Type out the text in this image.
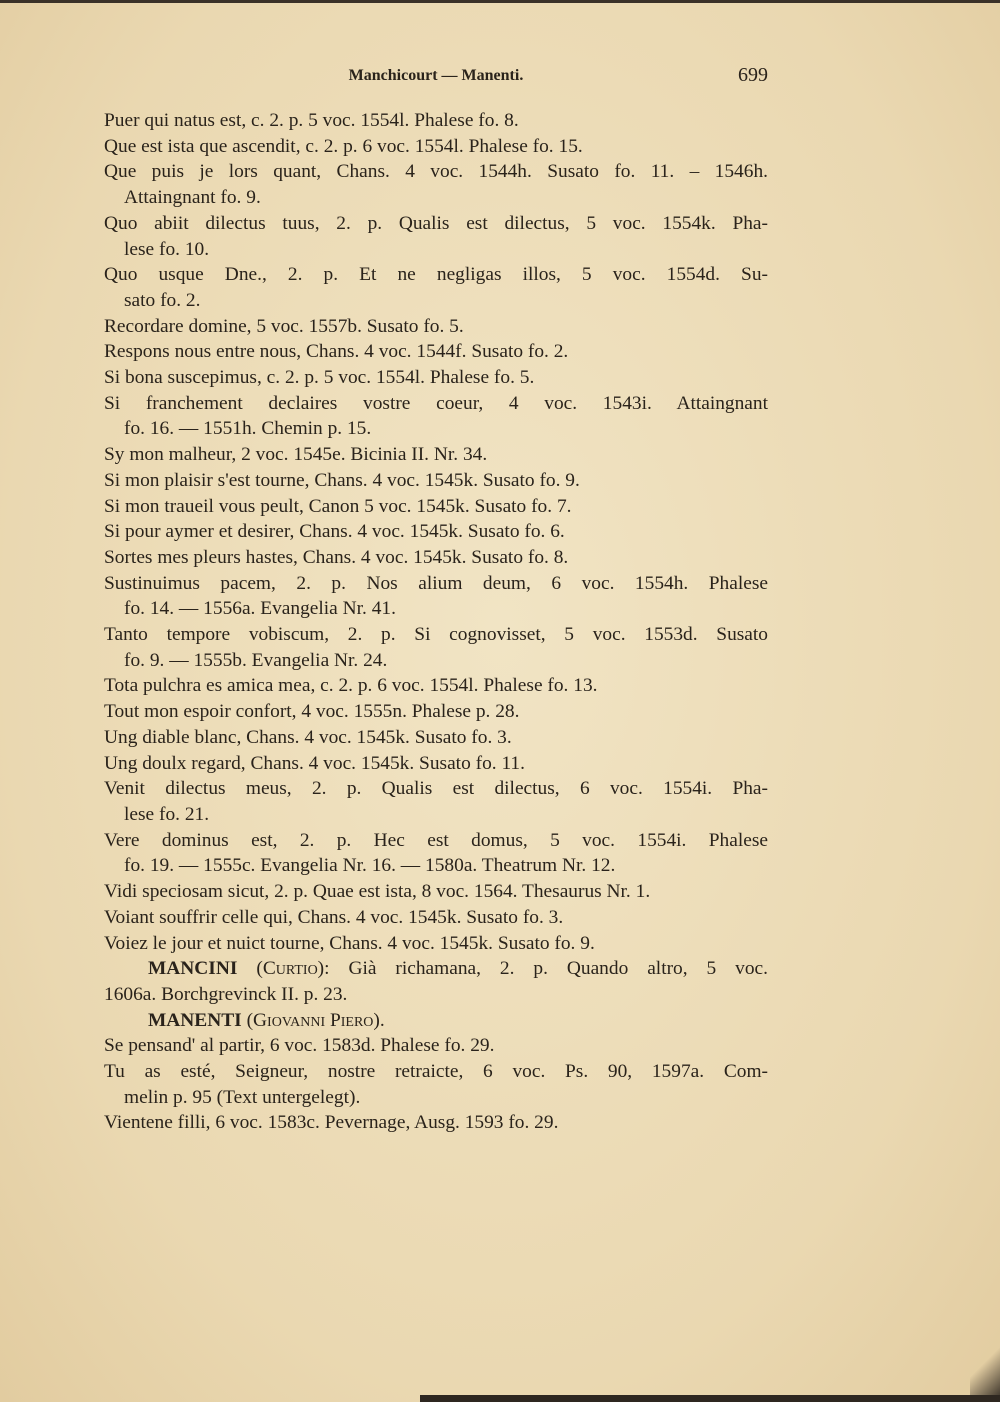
Manchicourt — Manenti.	699
Puer qui natus est, c. 2. p. 5 voc. 1554l. Phalese fo. 8.
Que est ista que ascendit, c. 2. p. 6 voc. 1554l. Phalese fo. 15.
Que puis je lors quant, Chans. 4 voc. 1544h. Susato fo. 11. – 1546h.
Attaingnant fo. 9.
Quo abiit dilectus tuus, 2. p. Qualis est dilectus, 5 voc. 1554k. Pha-
lese fo. 10.
Quo usque Dne., 2. p. Et ne negligas illos, 5 voc. 1554d. Su-
sato fo. 2.
Recordare domine, 5 voc. 1557b. Susato fo. 5.
Respons nous entre nous, Chans. 4 voc. 1544f. Susato fo. 2.
Si bona suscepimus, c. 2. p. 5 voc. 1554l. Phalese fo. 5.
Si franchement declaires vostre coeur, 4 voc. 1543i. Attaingnant
fo. 16. — 1551h. Chemin p. 15.
Sy mon malheur, 2 voc. 1545e. Bicinia II. Nr. 34.
Si mon plaisir s'est tourne, Chans. 4 voc. 1545k. Susato fo. 9.
Si mon traueil vous peult, Canon 5 voc. 1545k. Susato fo. 7.
Si pour aymer et desirer, Chans. 4 voc. 1545k. Susato fo. 6.
Sortes mes pleurs hastes, Chans. 4 voc. 1545k. Susato fo. 8.
Sustinuimus pacem, 2. p. Nos alium deum, 6 voc. 1554h. Phalese
fo. 14. — 1556a. Evangelia Nr. 41.
Tanto tempore vobiscum, 2. p. Si cognovisset, 5 voc. 1553d. Susato
fo. 9. — 1555b. Evangelia Nr. 24.
Tota pulchra es amica mea, c. 2. p. 6 voc. 1554l. Phalese fo. 13.
Tout mon espoir confort, 4 voc. 1555n. Phalese p. 28.
Ung diable blanc, Chans. 4 voc. 1545k. Susato fo. 3.
Ung doulx regard, Chans. 4 voc. 1545k. Susato fo. 11.
Venit dilectus meus, 2. p. Qualis est dilectus, 6 voc. 1554i. Pha-
lese fo. 21.
Vere dominus est, 2. p. Hec est domus, 5 voc. 1554i. Phalese
fo. 19. — 1555c. Evangelia Nr. 16. — 1580a. Theatrum Nr. 12.
Vidi speciosam sicut, 2. p. Quae est ista, 8 voc. 1564. Thesaurus Nr. 1.
Voiant souffrir celle qui, Chans. 4 voc. 1545k. Susato fo. 3.
Voiez le jour et nuict tourne, Chans. 4 voc. 1545k. Susato fo. 9.
MANCINI (Curtio): Già richamana, 2. p. Quando altro, 5 voc.
1606a. Borchgrevinck II. p. 23.
MANENTI (Giovanni Piero).
Se pensand' al partir, 6 voc. 1583d. Phalese fo. 29.
Tu as esté, Seigneur, nostre retraicte, 6 voc. Ps. 90, 1597a. Com-
melin p. 95 (Text untergelegt).
Vientene filli, 6 voc. 1583c. Pevernage, Ausg. 1593 fo. 29.
